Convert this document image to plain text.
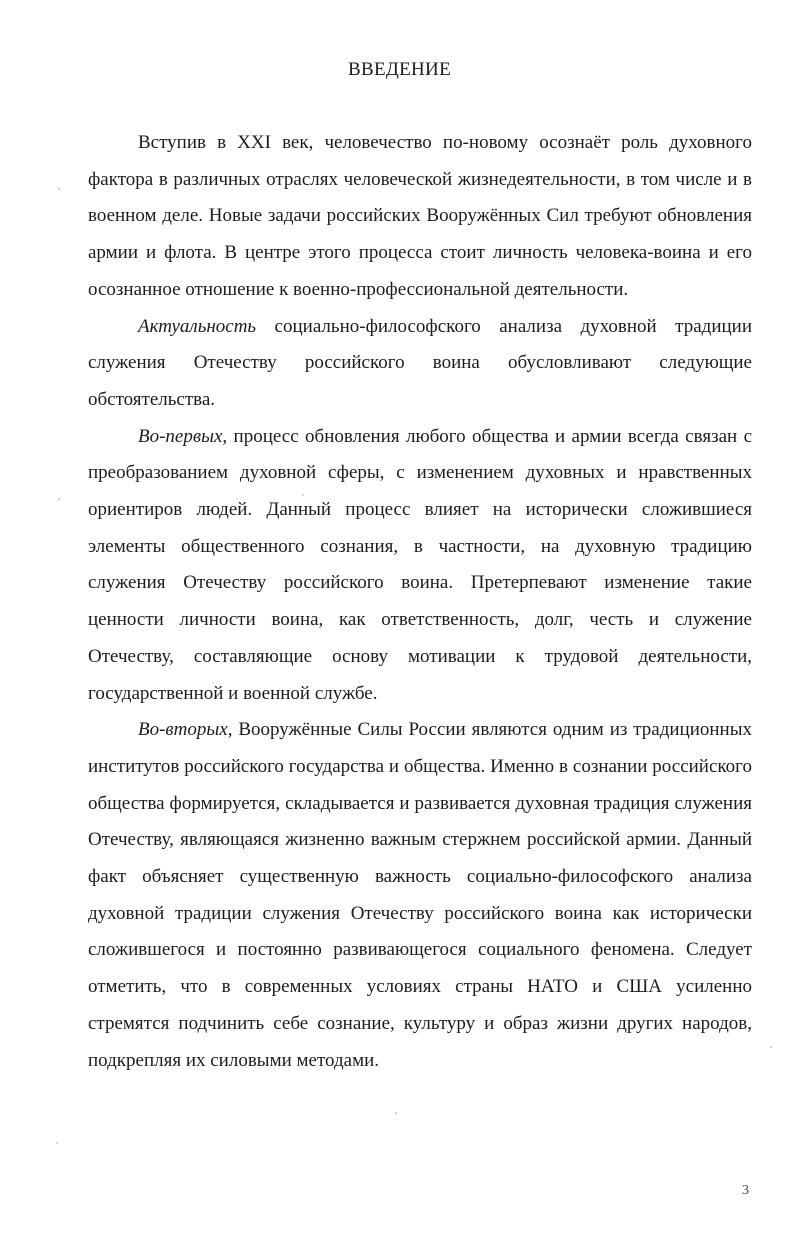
ВВЕДЕНИЕ

Вступив в XXI век, человечество по-новому осознаёт роль духовного фактора в различных отраслях человеческой жизнедеятельности, в том числе и в военном деле. Новые задачи российских Вооружённых Сил требуют обновления армии и флота. В центре этого процесса стоит личность человека-воина и его осознанное отношение к военно-профессиональной деятельности.

Актуальность социально-философского анализа духовной традиции служения Отечеству российского воина обусловливают следующие обстоятельства.

Во-первых, процесс обновления любого общества и армии всегда связан с преобразованием духовной сферы, с изменением духовных и нравственных ориентиров людей. Данный процесс влияет на исторически сложившиеся элементы общественного сознания, в частности, на духовную традицию служения Отечеству российского воина. Претерпевают изменение такие ценности личности воина, как ответственность, долг, честь и служение Отечеству, составляющие основу мотивации к трудовой деятельности, государственной и военной службе.

Во-вторых, Вооружённые Силы России являются одним из традиционных институтов российского государства и общества. Именно в сознании российского общества формируется, складывается и развивается духовная традиция служения Отечеству, являющаяся жизненно важным стержнем российской армии. Данный факт объясняет существенную важность социально-философского анализа духовной традиции служения Отечеству российского воина как исторически сложившегося и постоянно развивающегося социального феномена. Следует отметить, что в современных условиях страны НАТО и США усиленно стремятся подчинить себе сознание, культуру и образ жизни других народов, подкрепляя их силовыми методами.

3
